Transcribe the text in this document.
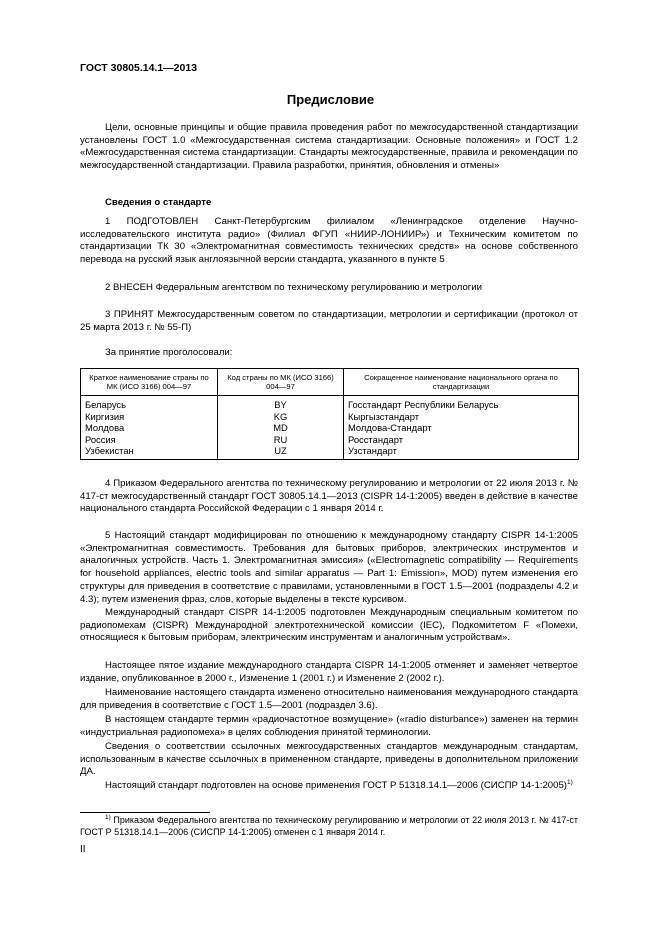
ГОСТ 30805.14.1—2013
Предисловие
Цели, основные принципы и общие правила проведения работ по межгосударственной стандартизации установлены ГОСТ 1.0 «Межгосударственная система стандартизации. Основные положения» и ГОСТ 1.2 «Межгосударственная система стандартизации. Стандарты межгосударственные, правила и рекомендации по межгосударственной стандартизации. Правила разработки, принятия, обновления и отмены»
Сведения о стандарте
1 ПОДГОТОВЛЕН Санкт-Петербургским филиалом «Ленинградское отделение Научно-исследовательского института радио» (Филиал ФГУП «НИИР-ЛОНИИР») и Техническим комитетом по стандартизации ТК 30 «Электромагнитная совместимость технических средств» на основе собственного перевода на русский язык англоязычной версии стандарта, указанного в пункте 5
2 ВНЕСЕН Федеральным агентством по техническому регулированию и метрологии
3 ПРИНЯТ Межгосударственным советом по стандартизации, метрологии и сертификации (протокол от 25 марта 2013 г. № 55-П)
За принятие проголосовали:
Краткое наименование страны по МК (ИСО 3166) 004—97	Код страны по МК (ИСО 3166) 004—97	Сокращенное наименование национального органа по стандартизации
Беларусь	BY	Госстандарт Республики Беларусь
Киргизия	KG	Кыргызстандарт
Молдова	MD	Молдова-Стандарт
Россия	RU	Росстандарт
Узбекистан	UZ	Узстандарт
4 Приказом Федерального агентства по техническому регулированию и метрологии от 22 июля 2013 г. № 417-ст межгосударственный стандарт ГОСТ 30805.14.1—2013 (CISPR 14-1:2005) введен в действие в качестве национального стандарта Российской Федерации с 1 января 2014 г.
5 Настоящий стандарт модифицирован по отношению к международному стандарту CISPR 14-1:2005 «Электромагнитная совместимость. Требования для бытовых приборов, электрических инструментов и аналогичных устройств. Часть 1. Электромагнитная эмиссия» («Electromagnetic compatibility — Requirements for household appliances, electric tools and similar apparatus — Part 1: Emission», MOD) путем изменения его структуры для приведения в соответствие с правилами, установленными в ГОСТ 1.5—2001 (подразделы 4.2 и 4.3); путем изменения фраз, слов, которые выделены в тексте курсивом.
Международный стандарт CISPR 14-1:2005 подготовлен Международным специальным комитетом по радиопомехам (CISPR) Международной электротехнической комиссии (IEC), Подкомитетом F «Помехи, относящиеся к бытовым приборам, электрическим инструментам и аналогичным устройствам».
Настоящее пятое издание международного стандарта CISPR 14-1:2005 отменяет и заменяет четвертое издание, опубликованное в 2000 г., Изменение 1 (2001 г.) и Изменение 2 (2002 г.).
Наименование настоящего стандарта изменено относительно наименования международного стандарта для приведения в соответствие с ГОСТ 1.5—2001 (подраздел 3.6).
В настоящем стандарте термин «радиочастотное возмущение» («radio disturbance») заменен на термин «индустриальная радиопомеха» в целях соблюдения принятой терминологии.
Сведения о соответствии ссылочных межгосударственных стандартов международным стандартам, использованным в качестве ссылочных в примененном стандарте, приведены в дополнительном приложении ДА.
Настоящий стандарт подготовлен на основе применения ГОСТ Р 51318.14.1—2006 (СИСПР 14-1:2005)$^{1)}$
$^{1)}$ Приказом Федерального агентства по техническому регулированию и метрологии от 22 июля 2013 г. № 417-ст ГОСТ Р 51318.14.1—2006 (СИСПР 14-1:2005) отменен с 1 января 2014 г.
II
